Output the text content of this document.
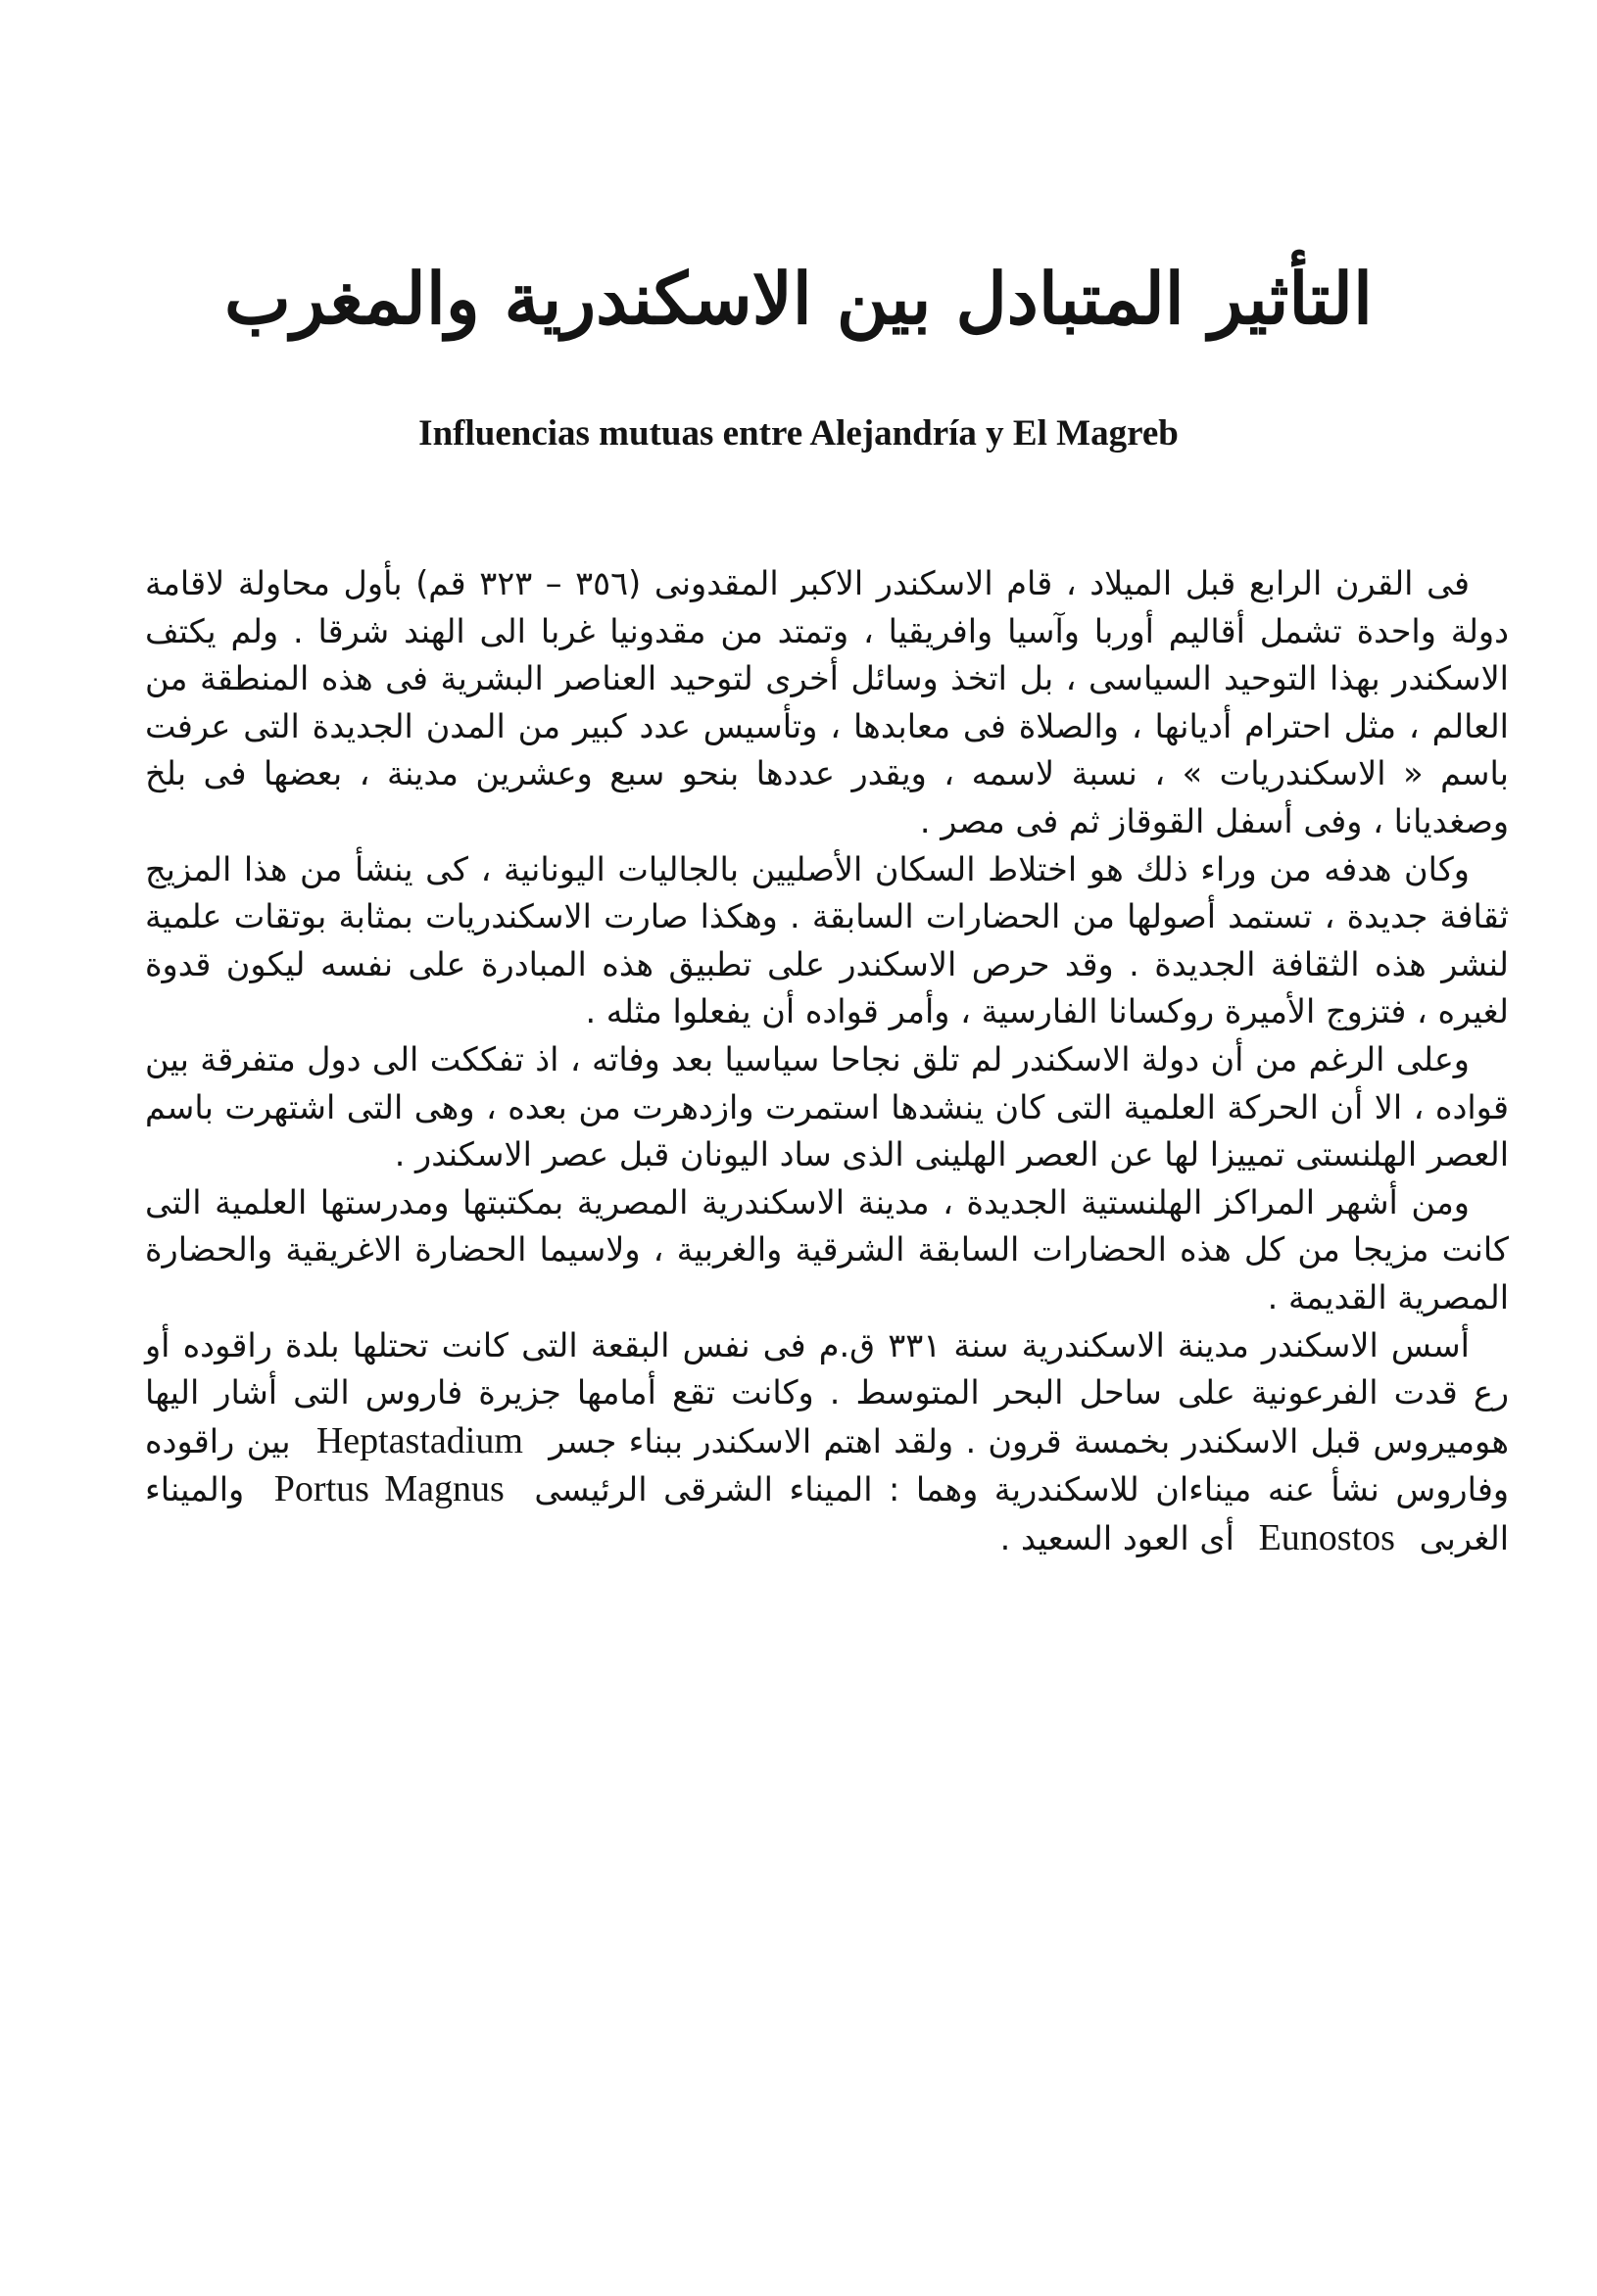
التأثير المتبادل بين الاسكندرية والمغرب
Influencias mutuas entre Alejandría y El Magreb

فى القرن الرابع قبل الميلاد ، قام الاسكندر الاكبر المقدونى (٣٥٦ – ٣٢٣ قم) بأول محاولة لاقامة دولة واحدة تشمل أقاليم أوربا وآسيا وافريقيا ، وتمتد من مقدونيا غربا الى الهند شرقا . ولم يكتف الاسكندر بهذا التوحيد السياسى ، بل اتخذ وسائل أخرى لتوحيد العناصر البشرية فى هذه المنطقة من العالم ، مثل احترام أديانها ، والصلاة فى معابدها ، وتأسيس عدد كبير من المدن الجديدة التى عرفت باسم « الاسكندريات » ، نسبة لاسمه ، ويقدر عددها بنحو سبع وعشرين مدينة ، بعضها فى بلخ وصغديانا ، وفى أسفل القوقاز ثم فى مصر .

وكان هدفه من وراء ذلك هو اختلاط السكان الأصليين بالجاليات اليونانية ، كى ينشأ من هذا المزيج ثقافة جديدة ، تستمد أصولها من الحضارات السابقة . وهكذا صارت الاسكندريات بمثابة بوتقات علمية لنشر هذه الثقافة الجديدة . وقد حرص الاسكندر على تطبيق هذه المبادرة على نفسه ليكون قدوة لغيره ، فتزوج الأميرة روكسانا الفارسية ، وأمر قواده أن يفعلوا مثله .

وعلى الرغم من أن دولة الاسكندر لم تلق نجاحا سياسيا بعد وفاته ، اذ تفككت الى دول متفرقة بين قواده ، الا أن الحركة العلمية التى كان ينشدها استمرت وازدهرت من بعده ، وهى التى اشتهرت باسم العصر الهلنستى تمييزا لها عن العصر الهلينى الذى ساد اليونان قبل عصر الاسكندر .

ومن أشهر المراكز الهلنستية الجديدة ، مدينة الاسكندرية المصرية بمكتبتها ومدرستها العلمية التى كانت مزيجا من كل هذه الحضارات السابقة الشرقية والغربية ، ولاسيما الحضارة الاغريقية والحضارة المصرية القديمة .

أسس الاسكندر مدينة الاسكندرية سنة ٣٣١ ق.م فى نفس البقعة التى كانت تحتلها بلدة راقوده أو رع قدت الفرعونية على ساحل البحر المتوسط . وكانت تقع أمامها جزيرة فاروس التى أشار اليها هوميروس قبل الاسكندر بخمسة قرون . ولقد اهتم الاسكندر ببناء جسر Heptastadium بين راقوده وفاروس نشأ عنه ميناءان للاسكندرية وهما : الميناء الشرقى الرئيسى Portus Magnus والميناء الغربى Eunostos أى العود السعيد .
